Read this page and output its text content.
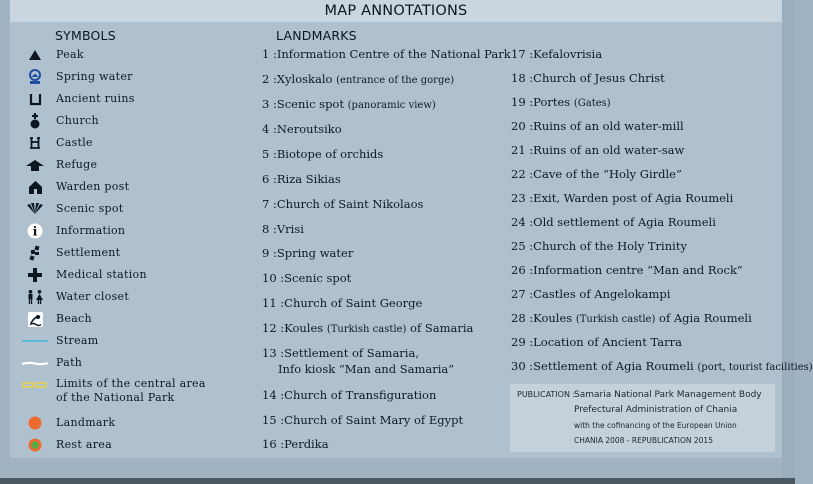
MAP ANNOTATIONS
SYMBOLS	LANDMARKS
Peak
Spring water
Ancient ruins
Church
Castle
Refuge
Warden post
Scenic spot
i Information
Settlement
Medical station
Water closet
Beach
Stream
Path
Limits of the central area
of the National Park
Landmark
Rest area
1 :Information Centre of the National Park
2 :Xyloskalo (entrance of the gorge)
3 :Scenic spot (panoramic view)
4 :Neroutsiko
5 :Biotope of orchids
6 :Riza Sikias
7 :Church of Saint Nikolaos
8 :Vrisi
9 :Spring water
10 :Scenic spot
11 :Church of Saint George
12 :Koules (Turkish castle) of Samaria
13 :Settlement of Samaria,
Info kiosk “Man and Samaria”
14 :Church of Transfiguration
15 :Church of Saint Mary of Egypt
16 :Perdika
17 :Kefalovrisia
18 :Church of Jesus Christ
19 :Portes (Gates)
20 :Ruins of an old water-mill
21 :Ruins of an old water-saw
22 :Cave of the “Holy Girdle”
23 :Exit, Warden post of Agia Roumeli
24 :Old settlement of Agia Roumeli
25 :Church of the Holy Trinity
26 :Information centre “Man and Rock”
27 :Castles of Angelokampi
28 :Koules (Turkish castle) of Agia Roumeli
29 :Location of Ancient Tarra
30 :Settlement of Agia Roumeli (port, tourist facilities)
PUBLICATION :
Samaria National Park Management Body
Prefectural Administration of Chania
with the cofinancing of the European Union
CHANIA 2008 - REPUBLICATION 2015
